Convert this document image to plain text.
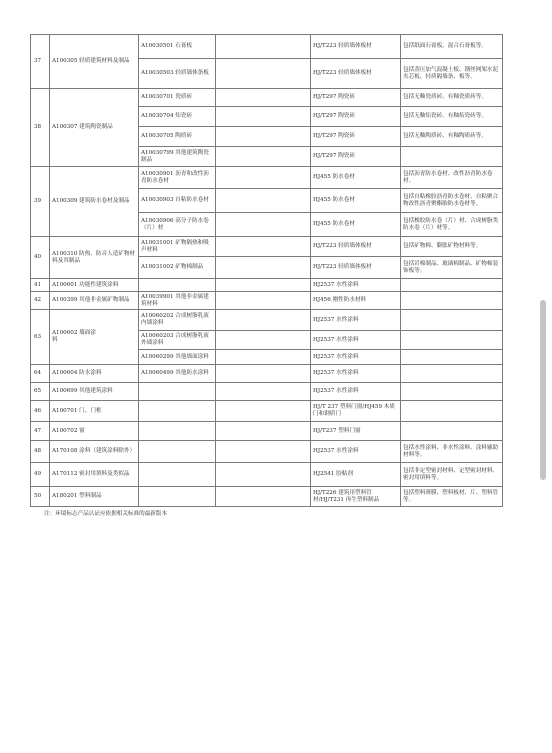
37	A100305 轻质建筑材料及制品	A10030501 石膏板		HJ/T223 轻质墙体板材	包括纸面石膏板、混合石膏板等。
		A10030503 轻质墙体条板		HJ/T223 轻质墙体板材	包括蒸压加气混凝土板、钢丝网架水泥夹芯板、轻质隔墙条、板等。
38	A100307 建筑陶瓷制品	A10030701 瓷质砖		HJ/T297 陶瓷砖	包括无釉瓷质砖、有釉瓷质砖等。
		A10030704 炻瓷砖		HJ/T297 陶瓷砖	包括无釉炻瓷砖、有釉炻瓷砖等。
		A10030705 陶质砖		HJ/T297 陶瓷砖	包括无釉陶质砖、有釉陶质砖等。
		A10030799 其他建筑陶瓷制品		HJ/T297 陶瓷砖	
39	A100309 建筑防水卷材及制品	A10030901 沥青和改性沥青防水卷材		HJ455 防水卷材	包括沥青防水卷材、改性沥青防水卷材。
		A10030903 自粘防水卷材		HJ455 防水卷材	包括自粘橡胶沥青防水卷材、自粘聚合物改性沥青聚酯胎防水卷材等。
		A10030906 高分子防水卷（片）材		HJ455 防水卷材	包括橡胶防水卷（片）材、合成树脂类防水卷（片）材等。
40	A100310 防热、防音人造矿物材料及其制品	A10031001 矿物隔热和吸声材料		HJ/T223 轻质墙体板材	包括矿物棉、膨胀矿物材料等。
		A10031002 矿物棉制品		HJ/T223 轻质墙体板材	包括岩棉制品、玻璃棉制品、矿物棉装饰板等。
41	A100601 功能性建筑涂料			HJ2537 水性涂料	
42	A100399 其他非金属矿物制品	A10039901 其他非金属建筑材料		HJ456 刚性防水材料	
63	A100602 墙面涂料	A10060202 合成树脂乳液内墙涂料		HJ2537 水性涂料	
		A10060203 合成树脂乳液外墙涂料		HJ2537 水性涂料	
		A10060299 其他墙面涂料		HJ2537 水性涂料	
64	A100604 防水涂料	A10060499 其他防水涂料		HJ2537 水性涂料	
65	A100699 其他建筑涂料			HJ2537 水性涂料	
46	A100701 门、门框			HJ/T 237 塑料门窗/HJ459 木质门和钢质门	
47	A100702 窗			HJ/T237 塑料门窗	
48	A170108 涂料（建筑涂料除外）			HJ2537 水性涂料	包括水性涂料、非水性涂料、涂料辅助材料等。
49	A170112 密封用填料及类似品			HJ2541 胶粘剂	包括非定型密封材料、定型密封材料、密封用填料等。
50	A180201 塑料制品			HJ/T226 建筑用塑料管材/HJ/T231 再生塑料制品	包括塑料薄膜、塑料板材、片、塑料管等。
注：环境标志产品认证应依据相关标准的最新版本
